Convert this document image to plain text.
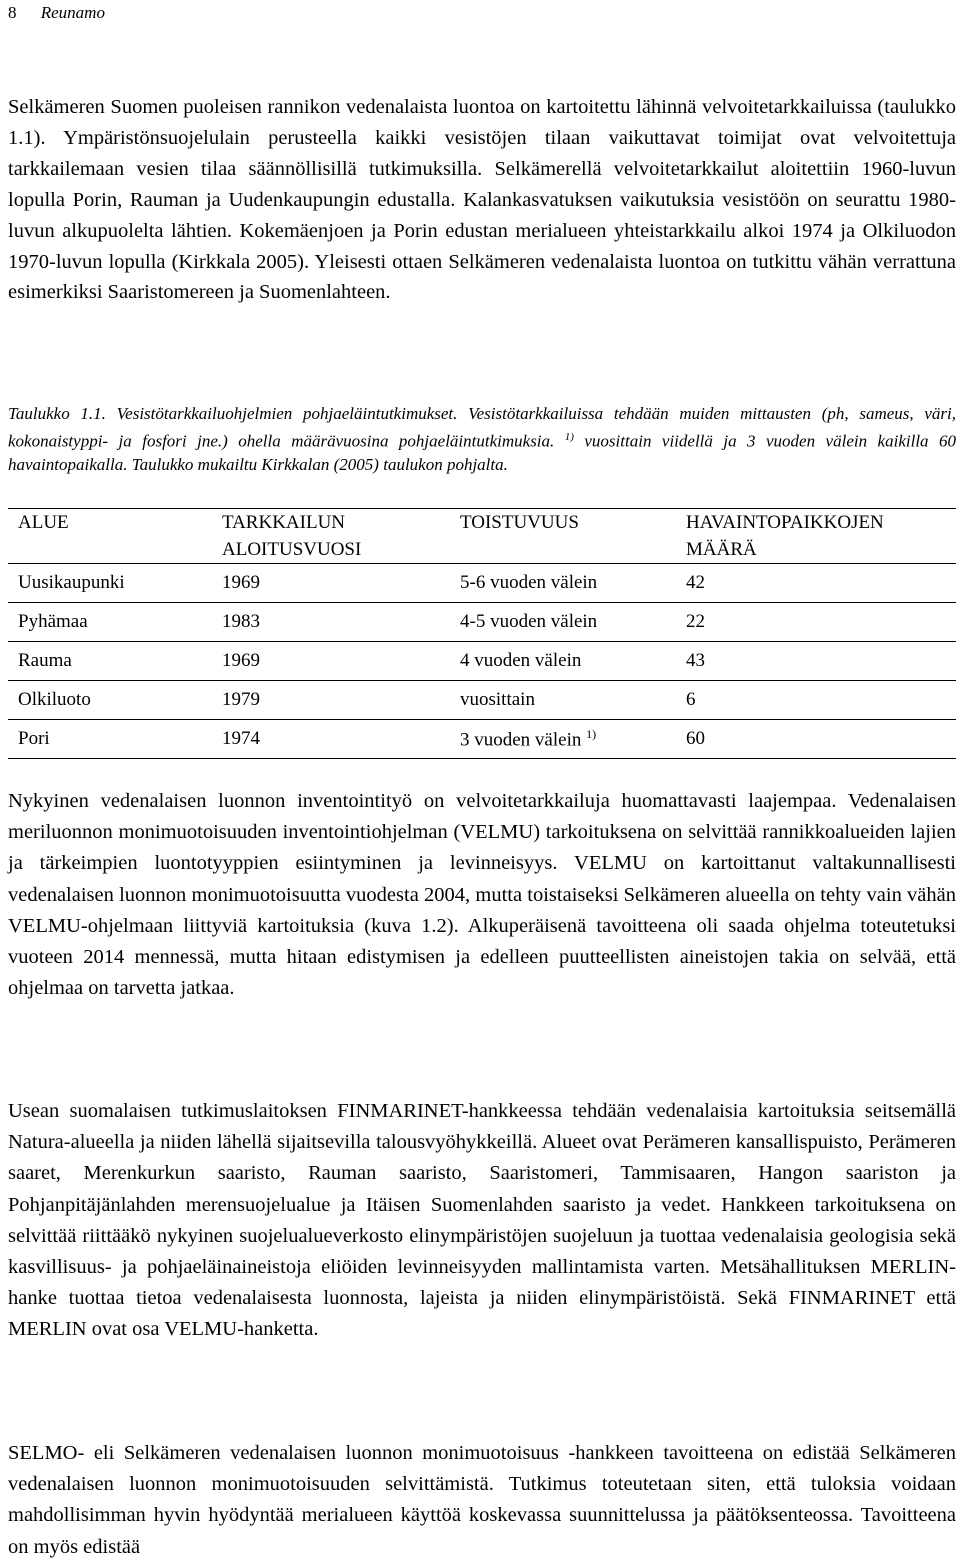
8 Reunamo

Selkämeren Suomen puoleisen rannikon vedenalaista luontoa on kartoitettu lähinnä velvoitetarkkailuissa (taulukko 1.1). Ympäristönsuojelulain perusteella kaikki vesistöjen tilaan vaikuttavat toimijat ovat velvoitettuja tarkkailemaan vesien tilaa säännöllisillä tutkimuksilla. Selkämerellä velvoitetarkkailut aloitettiin 1960-luvun lopulla Porin, Rauman ja Uudenkaupungin edustalla. Kalankasvatuksen vaikutuksia vesistöön on seurattu 1980-luvun alkupuolelta lähtien. Kokemäenjoen ja Porin edustan merialueen yhteistarkkailu alkoi 1974 ja Olkiluodon 1970-luvun lopulla (Kirkkala 2005). Yleisesti ottaen Selkämeren vedenalaista luontoa on tutkittu vähän verrattuna esimerkiksi Saaristomereen ja Suomenlahteen.

Taulukko 1.1. Vesistötarkkailuohjelmien pohjaeläintutkimukset. Vesistötarkkailuissa tehdään muiden mittausten (ph, sameus, väri, kokonaistyppi- ja fosfori jne.) ohella määrävuosina pohjaeläintutkimuksia. $^{1)}$ vuosittain viidellä ja 3 vuoden välein kaikilla 60 havaintopaikalla. Taulukko mukailtu Kirkkalan (2005) taulukon pohjalta.

ALUE	TARKKAILUN ALOITUSVUOSI	TOISTUVUUS	HAVAINTOPAIKKOJEN MÄÄRÄ
Uusikaupunki	1969	5-6 vuoden välein	42
Pyhämaa	1983	4-5 vuoden välein	22
Rauma	1969	4 vuoden välein	43
Olkiluoto	1979	vuosittain	6
Pori	1974	3 vuoden välein $^{1)}$	60

Nykyinen vedenalaisen luonnon inventointityö on velvoitetarkkailuja huomattavasti laajempaa. Vedenalaisen meriluonnon monimuotoisuuden inventointiohjelman (VELMU) tarkoituksena on selvittää rannikkoalueiden lajien ja tärkeimpien luontotyyppien esiintyminen ja levinneisyys. VELMU on kartoittanut valtakunnallisesti vedenalaisen luonnon monimuotoisuutta vuodesta 2004, mutta toistaiseksi Selkämeren alueella on tehty vain vähän VELMU-ohjelmaan liittyviä kartoituksia (kuva 1.2). Alkuperäisenä tavoitteena oli saada ohjelma toteutetuksi vuoteen 2014 mennessä, mutta hitaan edistymisen ja edelleen puutteellisten aineistojen takia on selvää, että ohjelmaa on tarvetta jatkaa.

Usean suomalaisen tutkimuslaitoksen FINMARINET-hankkeessa tehdään vedenalaisia kartoituksia seitsemällä Natura-alueella ja niiden lähellä sijaitsevilla talousvyöhykkeillä. Alueet ovat Perämeren kansallispuisto, Perämeren saaret, Merenkurkun saaristo, Rauman saaristo, Saaristomeri, Tammisaaren, Hangon saariston ja Pohjanpitäjänlahden merensuojelualue ja Itäisen Suomenlahden saaristo ja vedet. Hankkeen tarkoituksena on selvittää riittääkö nykyinen suojelualueverkosto elinympäristöjen suojeluun ja tuottaa vedenalaisia geologisia sekä kasvillisuus- ja pohjaeläinaineistoja eliöiden levinneisyyden mallintamista varten. Metsähallituksen MERLIN-hanke tuottaa tietoa vedenalaisesta luonnosta, lajeista ja niiden elinympäristöistä. Sekä FINMARINET että MERLIN ovat osa VELMU-hanketta.

SELMO- eli Selkämeren vedenalaisen luonnon monimuotoisuus -hankkeen tavoitteena on edistää Selkämeren vedenalaisen luonnon monimuotoisuuden selvittämistä. Tutkimus toteutetaan siten, että tuloksia voidaan mahdollisimman hyvin hyödyntää merialueen käyttöä koskevassa suunnittelussa ja päätöksenteossa. Tavoitteena on myös edistää
